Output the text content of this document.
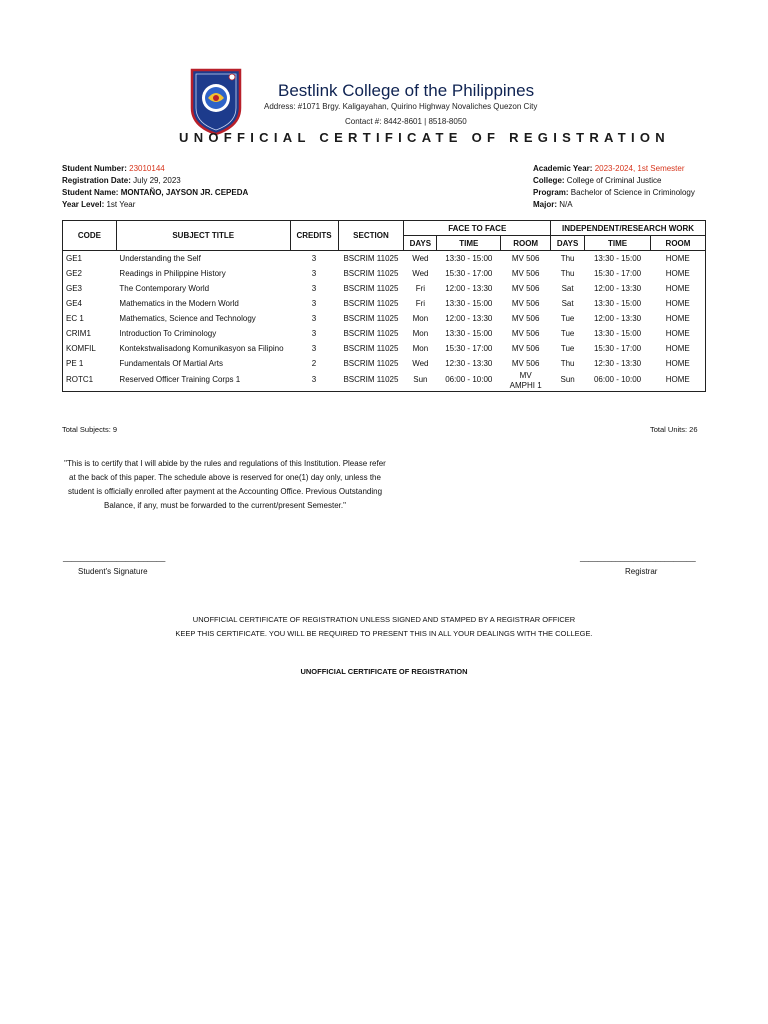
Bestlink College of the Philippines
Address: #1071 Brgy. Kaligayahan, Quirino Highway Novaliches Quezon City
Contact #: 8442-8601 | 8518-8050
UNOFFICIAL CERTIFICATE OF REGISTRATION
Student Number: 23010144
Registration Date: July 29, 2023
Student Name: MONTAÑO, JAYSON JR. CEPEDA
Year Level: 1st Year
Academic Year: 2023-2024, 1st Semester
College: College of Criminal Justice
Program: Bachelor of Science in Criminology
Major: N/A
CODE	SUBJECT TITLE	CREDITS	SECTION	FACE TO FACE			INDEPENDENT/RESEARCH WORK		
				DAYS	TIME	ROOM	DAYS	TIME	ROOM
GE1	Understanding the Self	3	BSCRIM 11025	Wed	13:30 - 15:00	MV 506	Thu	13:30 - 15:00	HOME
GE2	Readings in Philippine History	3	BSCRIM 11025	Wed	15:30 - 17:00	MV 506	Thu	15:30 - 17:00	HOME
GE3	The Contemporary World	3	BSCRIM 11025	Fri	12:00 - 13:30	MV 506	Sat	12:00 - 13:30	HOME
GE4	Mathematics in the Modern World	3	BSCRIM 11025	Fri	13:30 - 15:00	MV 506	Sat	13:30 - 15:00	HOME
EC 1	Mathematics, Science and Technology	3	BSCRIM 11025	Mon	12:00 - 13:30	MV 506	Tue	12:00 - 13:30	HOME
CRIM1	Introduction To Criminology	3	BSCRIM 11025	Mon	13:30 - 15:00	MV 506	Tue	13:30 - 15:00	HOME
KOMFIL	Kontekstwalisadong Komunikasyon sa Filipino	3	BSCRIM 11025	Mon	15:30 - 17:00	MV 506	Tue	15:30 - 17:00	HOME
PE 1	Fundamentals Of Martial Arts	2	BSCRIM 11025	Wed	12:30 - 13:30	MV 506	Thu	12:30 - 13:30	HOME
ROTC1	Reserved Officer Training Corps 1	3	BSCRIM 11025	Sun	06:00 - 10:00	MV AMPHI 1	Sun	06:00 - 10:00	HOME
Total Subjects: 9	Total Units: 26
"This is to certify that I will abide by the rules and regulations of this Institution. Please refer at the back of this paper. The schedule above is reserved for one(1) day only, unless the student is officially enrolled after payment at the Accounting Office. Previous Outstanding Balance, if any, must be forwarded to the current/present Semester."
_______________________
Student's Signature
__________________________
Registrar
UNOFFICIAL CERTIFICATE OF REGISTRATION UNLESS SIGNED AND STAMPED BY A REGISTRAR OFFICER
KEEP THIS CERTIFICATE. YOU WILL BE REQUIRED TO PRESENT THIS IN ALL YOUR DEALINGS WITH THE COLLEGE.
UNOFFICIAL CERTIFICATE OF REGISTRATION
